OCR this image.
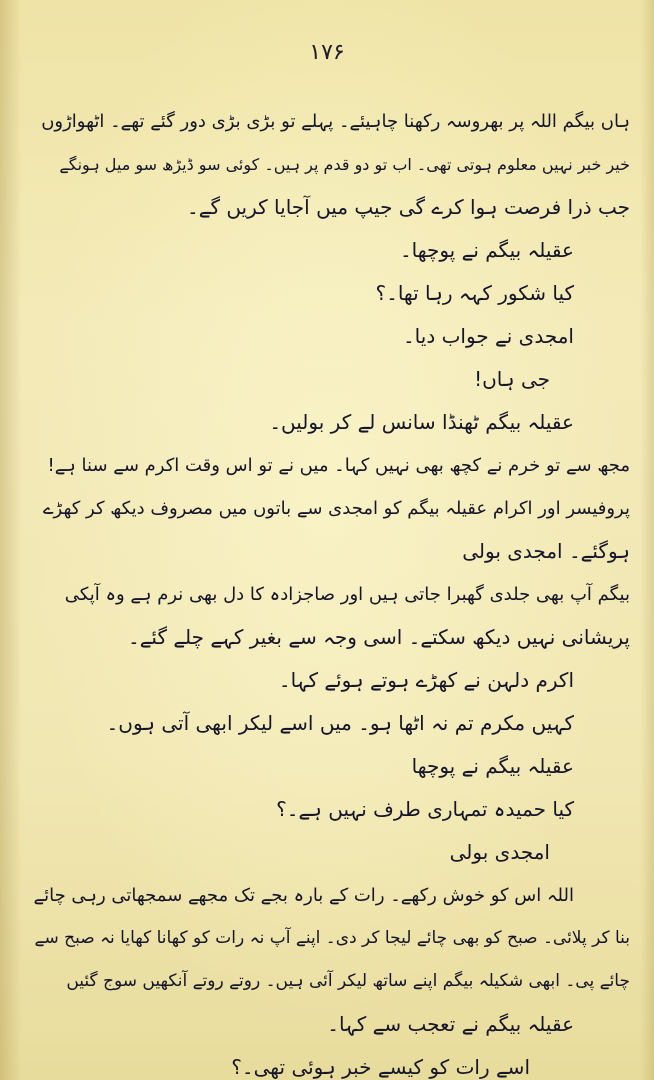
۱۷۶
ہاں بیگم اللہ پر بھروسہ رکھنا چاہیئے۔ پہلے تو بڑی بڑی دور گئے تھے۔ اٹھواڑوں
خیر خبر نہیں معلوم ہوتی تھی۔ اب تو دو قدم پر ہیں۔ کوئی سو ڈیڑھ سو میل ہونگے
جب ذرا فرصت ہوا کرے گی جیپ میں آجایا کریں گے۔
عقیلہ بیگم نے پوچھا۔
کیا شکور کہہ رہا تھا۔؟
امجدی نے جواب دیا۔
جی ہاں!
عقیلہ بیگم ٹھنڈا سانس لے کر بولیں۔
مجھ سے تو خرم نے کچھ بھی نہیں کہا۔ میں نے تو اس وقت اکرم سے سنا ہے!
پروفیسر اور اکرام عقیلہ بیگم کو امجدی سے باتوں میں مصروف دیکھ کر کھڑے
ہوگئے۔ امجدی بولی
بیگم آپ بھی جلدی گھبرا جاتی ہیں اور صاجزادہ کا دل بھی نرم ہے وہ آپکی
پریشانی نہیں دیکھ سکتے۔ اسی وجہ سے بغیر کہے چلے گئے۔
اکرم دلہن نے کھڑے ہوتے ہوئے کہا۔
کہیں مکرم تم نہ اٹھا ہو۔ میں اسے لیکر ابھی آتی ہوں۔
عقیلہ بیگم نے پوچھا
کیا حمیدہ تمہاری طرف نہیں ہے۔؟
امجدی بولی
اللہ اس کو خوش رکھے۔ رات کے بارہ بجے تک مجھے سمجھاتی رہی چائے
بنا کر پلائی۔ صبح کو بھی چائے لیجا کر دی۔ اپنے آپ نہ رات کو کھانا کھایا نہ صبح سے
چائے پی۔ ابھی شکیلہ بیگم اپنے ساتھ لیکر آئی ہیں۔ روتے روتے آنکھیں سوج گئیں
عقیلہ بیگم نے تعجب سے کہا۔
اسے رات کو کیسے خبر ہوئی تھی۔؟
